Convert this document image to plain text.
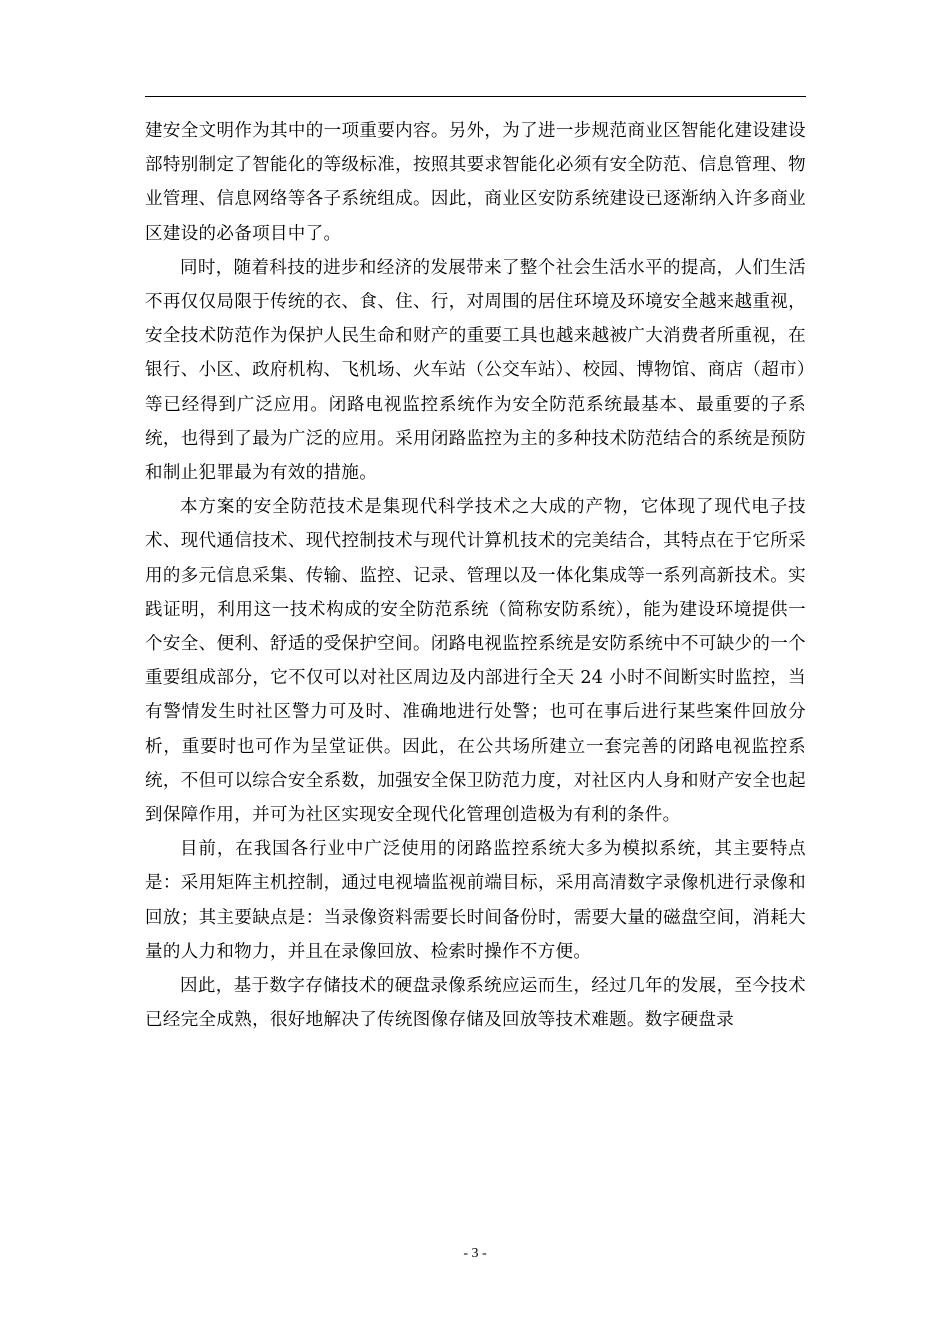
建安全文明作为其中的一项重要内容。另外，为了进一步规范商业区智能化建设建设部特别制定了智能化的等级标准，按照其要求智能化必须有安全防范、信息管理、物业管理、信息网络等各子系统组成。因此，商业区安防系统建设已逐渐纳入许多商业区建设的必备项目中了。

同时，随着科技的进步和经济的发展带来了整个社会生活水平的提高，人们生活不再仅仅局限于传统的衣、食、住、行，对周围的居住环境及环境安全越来越重视，安全技术防范作为保护人民生命和财产的重要工具也越来越被广大消费者所重视，在银行、小区、政府机构、飞机场、火车站（公交车站）、校园、博物馆、商店（超市）等已经得到广泛应用。闭路电视监控系统作为安全防范系统最基本、最重要的子系统，也得到了最为广泛的应用。采用闭路监控为主的多种技术防范结合的系统是预防和制止犯罪最为有效的措施。

本方案的安全防范技术是集现代科学技术之大成的产物，它体现了现代电子技术、现代通信技术、现代控制技术与现代计算机技术的完美结合，其特点在于它所采用的多元信息采集、传输、监控、记录、管理以及一体化集成等一系列高新技术。实践证明，利用这一技术构成的安全防范系统（简称安防系统），能为建设环境提供一个安全、便利、舒适的受保护空间。闭路电视监控系统是安防系统中不可缺少的一个重要组成部分，它不仅可以对社区周边及内部进行全天 24 小时不间断实时监控，当有警情发生时社区警力可及时、准确地进行处警；也可在事后进行某些案件回放分析，重要时也可作为呈堂证供。因此，在公共场所建立一套完善的闭路电视监控系统，不但可以综合安全系数，加强安全保卫防范力度，对社区内人身和财产安全也起到保障作用，并可为社区实现安全现代化管理创造极为有利的条件。

目前，在我国各行业中广泛使用的闭路监控系统大多为模拟系统，其主要特点是：采用矩阵主机控制，通过电视墙监视前端目标，采用高清数字录像机进行录像和回放；其主要缺点是：当录像资料需要长时间备份时，需要大量的磁盘空间，消耗大量的人力和物力，并且在录像回放、检索时操作不方便。

因此，基于数字存储技术的硬盘录像系统应运而生，经过几年的发展，至今技术已经完全成熟，很好地解决了传统图像存储及回放等技术难题。数字硬盘录

- 3 -
